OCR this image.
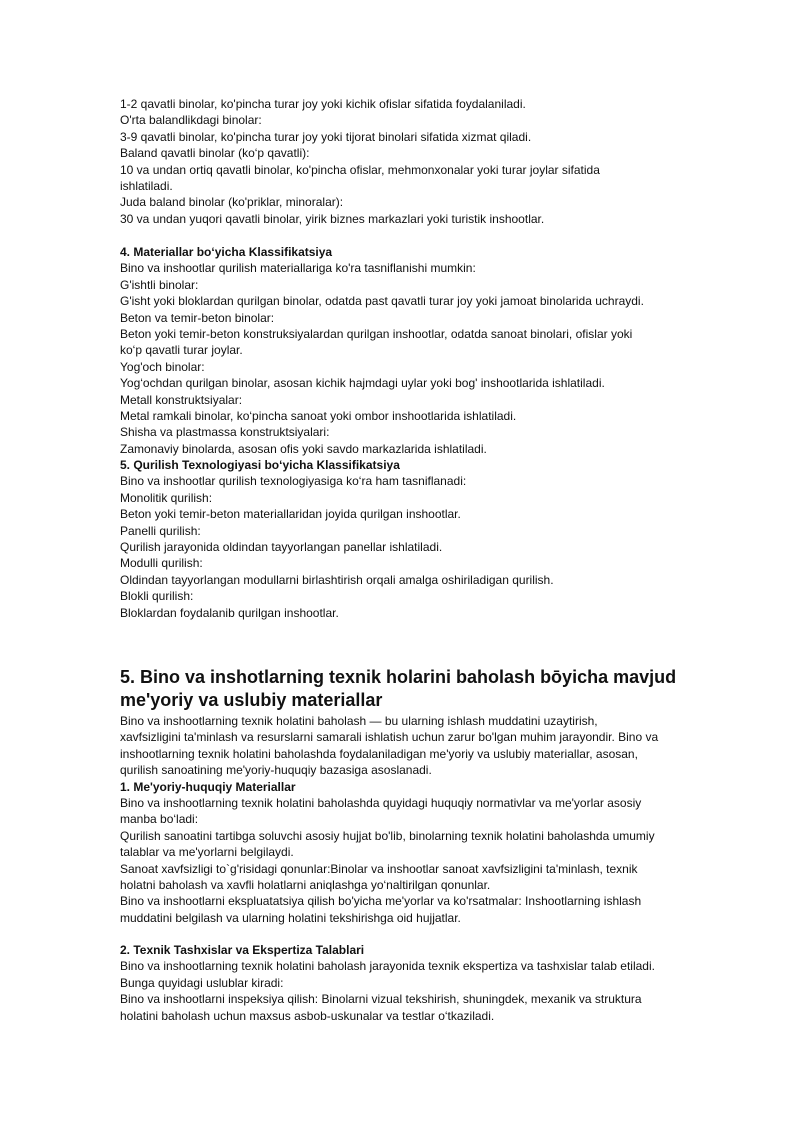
1-2 qavatli binolar, ko'pincha turar joy yoki kichik ofislar sifatida foydalaniladi.

O'rta balandlikdagi binolar:

3-9 qavatli binolar, ko'pincha turar joy yoki tijorat binolari sifatida xizmat qiladi.

Baland qavatli binolar (ko‘p qavatli):

10 va undan ortiq qavatli binolar, ko'pincha ofislar, mehmonxonalar yoki turar joylar sifatida

ishlatiladi.

Juda baland binolar (ko'priklar, minoralar):

30 va undan yuqori qavatli binolar, yirik biznes markazlari yoki turistik inshootlar.

4. Materiallar bo‘yicha Klassifikatsiya

Bino va inshootlar qurilish materiallariga ko'ra tasniflanishi mumkin:

G'ishtli binolar:

G'isht yoki bloklardan qurilgan binolar, odatda past qavatli turar joy yoki jamoat binolarida uchraydi.

Beton va temir-beton binolar:

Beton yoki temir-beton konstruksiyalardan qurilgan inshootlar, odatda sanoat binolari, ofislar yoki

ko‘p qavatli turar joylar.

Yog'och binolar:

Yog‘ochdan qurilgan binolar, asosan kichik hajmdagi uylar yoki bog' inshootlarida ishlatiladi.

Metall konstruktsiyalar:

Metal ramkali binolar, ko‘pincha sanoat yoki ombor inshootlarida ishlatiladi.

Shisha va plastmassa konstruktsiyalari:

Zamonaviy binolarda, asosan ofis yoki savdo markazlarida ishlatiladi.

5. Qurilish Texnologiyasi bo‘yicha Klassifikatsiya

Bino va inshootlar qurilish texnologiyasiga ko‘ra ham tasniflanadi:

Monolitik qurilish:

Beton yoki temir-beton materiallaridan joyida qurilgan inshootlar.

Panelli qurilish:

Qurilish jarayonida oldindan tayyorlangan panellar ishlatiladi.

Modulli qurilish:

Oldindan tayyorlangan modullarni birlashtirish orqali amalga oshiriladigan qurilish.

Blokli qurilish:

Bloklardan foydalanib qurilgan inshootlar.

5. Bino va inshotlarning texnik holarini baholash bōyicha mavjud

me'yoriy va uslubiy materiallar

Bino va inshootlarning texnik holatini baholash — bu ularning ishlash muddatini uzaytirish,

xavfsizligini ta'minlash va resurslarni samarali ishlatish uchun zarur bo'lgan muhim jarayondir. Bino va

inshootlarning texnik holatini baholashda foydalaniladigan me'yoriy va uslubiy materiallar, asosan,

qurilish sanoatining me'yoriy-huquqiy bazasiga asoslanadi.

1. Me'yoriy-huquqiy Materiallar

Bino va inshootlarning texnik holatini baholashda quyidagi huquqiy normativlar va me'yorlar asosiy

manba bo‘ladi:

Qurilish sanoatini tartibga soluvchi asosiy hujjat bo'lib, binolarning texnik holatini baholashda umumiy

talablar va me'yorlarni belgilaydi.

Sanoat xavfsizligi to`g'risidagi qonunlar:Binolar va inshootlar sanoat xavfsizligini ta'minlash, texnik

holatni baholash va xavfli holatlarni aniqlashga yo‘naltirilgan qonunlar.

Bino va inshootlarni ekspluatatsiya qilish bo'yicha me'yorlar va ko'rsatmalar: Inshootlarning ishlash

muddatini belgilash va ularning holatini tekshirishga oid hujjatlar.

2. Texnik Tashxislar va Ekspertiza Talablari

Bino va inshootlarning texnik holatini baholash jarayonida texnik ekspertiza va tashxislar talab etiladi.

Bunga quyidagi uslublar kiradi:

Bino va inshootlarni inspeksiya qilish: Binolarni vizual tekshirish, shuningdek, mexanik va struktura

holatini baholash uchun maxsus asbob-uskunalar va testlar o‘tkaziladi.
